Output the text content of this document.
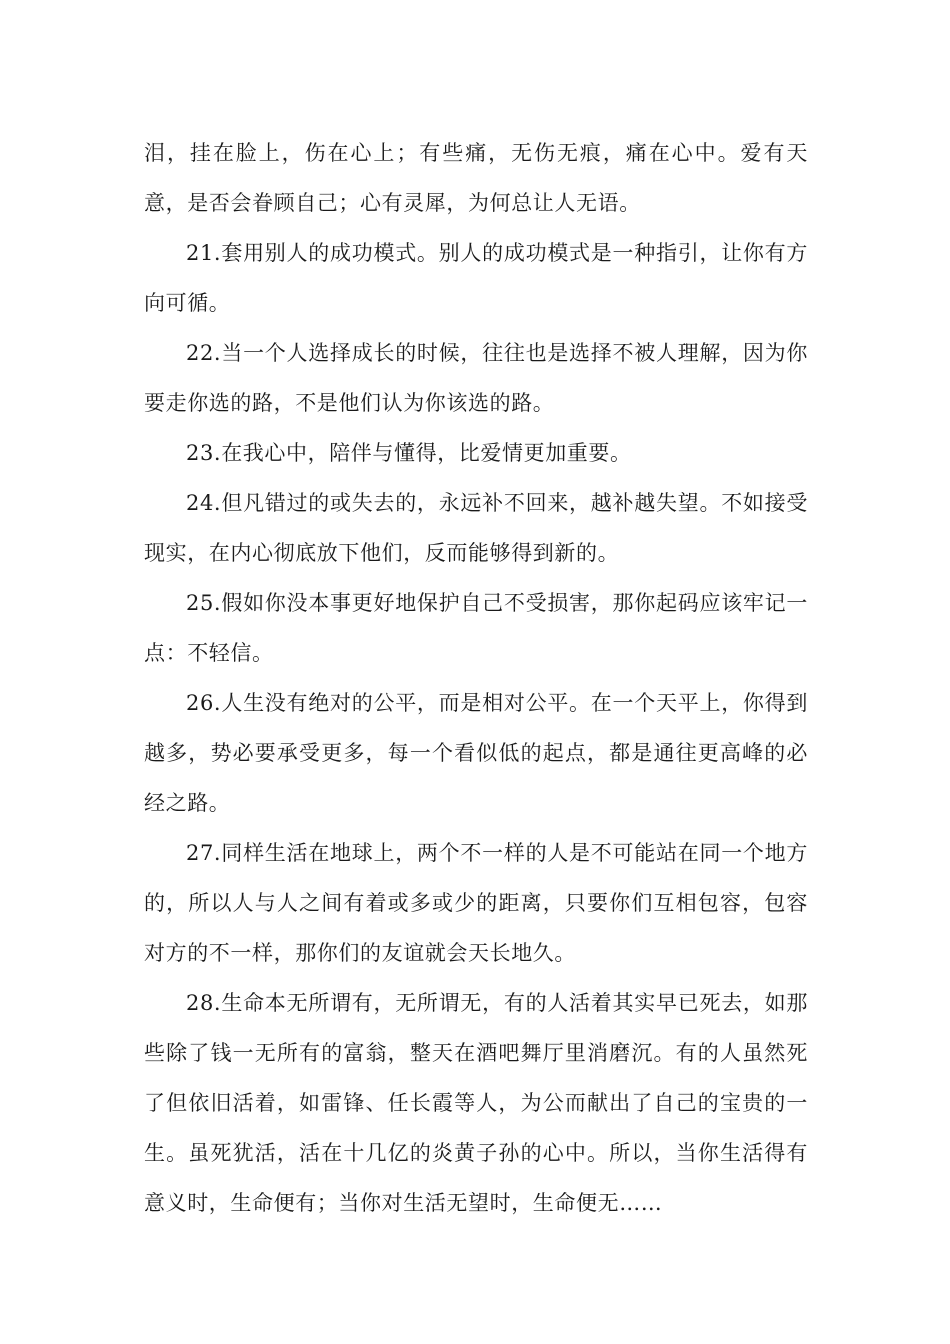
泪，挂在脸上，伤在心上；有些痛，无伤无痕，痛在心中。爱有天意，是否会眷顾自己；心有灵犀，为何总让人无语。

21.套用别人的成功模式。别人的成功模式是一种指引，让你有方向可循。

22.当一个人选择成长的时候，往往也是选择不被人理解，因为你要走你选的路，不是他们认为你该选的路。

23.在我心中，陪伴与懂得，比爱情更加重要。

24.但凡错过的或失去的，永远补不回来，越补越失望。不如接受现实，在内心彻底放下他们，反而能够得到新的。

25.假如你没本事更好地保护自己不受损害，那你起码应该牢记一点：不轻信。

26.人生没有绝对的公平，而是相对公平。在一个天平上，你得到越多，势必要承受更多，每一个看似低的起点，都是通往更高峰的必经之路。

27.同样生活在地球上，两个不一样的人是不可能站在同一个地方的，所以人与人之间有着或多或少的距离，只要你们互相包容，包容对方的不一样，那你们的友谊就会天长地久。

28.生命本无所谓有，无所谓无，有的人活着其实早已死去，如那些除了钱一无所有的富翁，整天在酒吧舞厅里消磨沉。有的人虽然死了但依旧活着，如雷锋、任长霞等人，为公而献出了自己的宝贵的一生。虽死犹活，活在十几亿的炎黄子孙的心中。所以，当你生活得有意义时，生命便有；当你对生活无望时，生命便无……
